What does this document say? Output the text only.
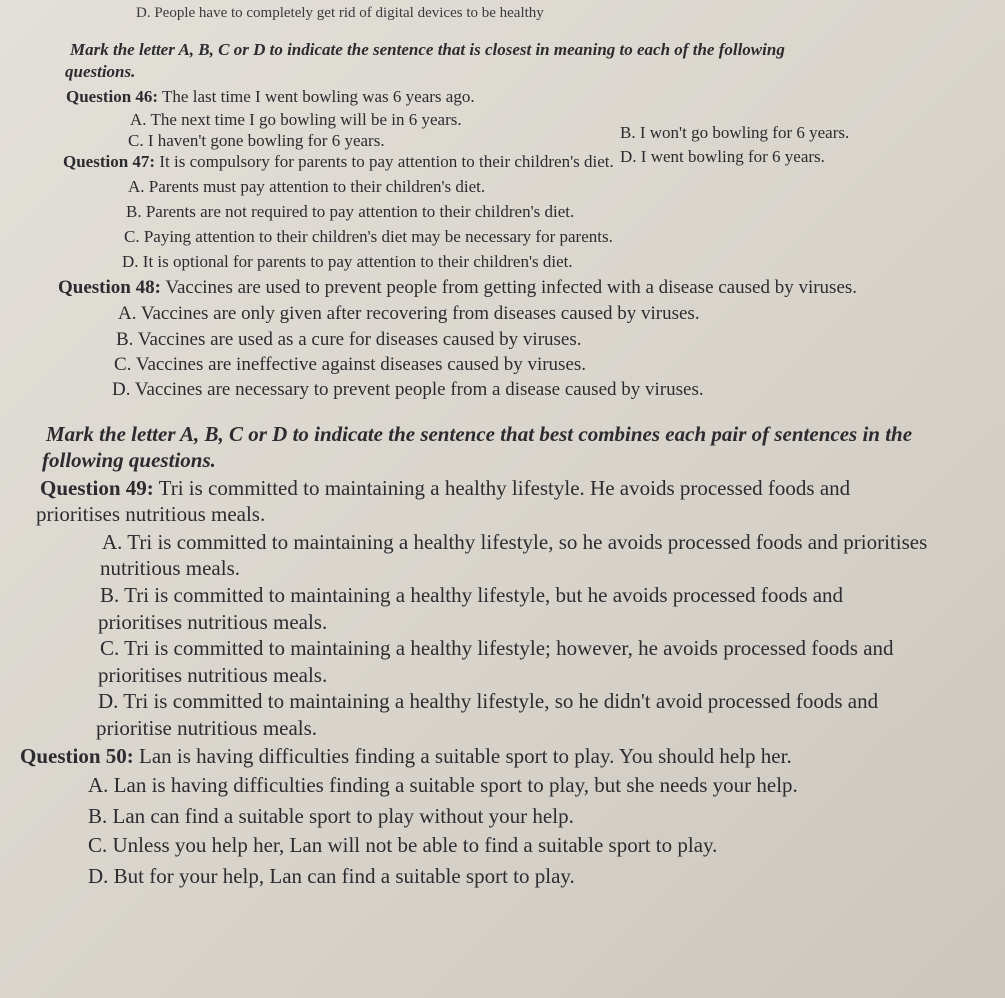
D. People have to completely get rid of digital devices to be healthy
Mark the letter A, B, C or D to indicate the sentence that is closest in meaning to each of the following
questions.
Question 46: The last time I went bowling was 6 years ago.
A. The next time I go bowling will be in 6 years.
B. I won't go bowling for 6 years.
C. I haven't gone bowling for 6 years.
D. I went bowling for 6 years.
Question 47: It is compulsory for parents to pay attention to their children's diet.
A. Parents must pay attention to their children's diet.
B. Parents are not required to pay attention to their children's diet.
C. Paying attention to their children's diet may be necessary for parents.
D. It is optional for parents to pay attention to their children's diet.
Question 48: Vaccines are used to prevent people from getting infected with a disease caused by viruses.
A. Vaccines are only given after recovering from diseases caused by viruses.
B. Vaccines are used as a cure for diseases caused by viruses.
C. Vaccines are ineffective against diseases caused by viruses.
D. Vaccines are necessary to prevent people from a disease caused by viruses.
Mark the letter A, B, C or D to indicate the sentence that best combines each pair of sentences in the
following questions.
Question 49: Tri is committed to maintaining a healthy lifestyle. He avoids processed foods and
prioritises nutritious meals.
A. Tri is committed to maintaining a healthy lifestyle, so he avoids processed foods and prioritises
nutritious meals.
B. Tri is committed to maintaining a healthy lifestyle, but he avoids processed foods and
prioritises nutritious meals.
C. Tri is committed to maintaining a healthy lifestyle; however, he avoids processed foods and
prioritises nutritious meals.
D. Tri is committed to maintaining a healthy lifestyle, so he didn't avoid processed foods and
prioritise nutritious meals.
Question 50: Lan is having difficulties finding a suitable sport to play. You should help her.
A. Lan is having difficulties finding a suitable sport to play, but she needs your help.
B. Lan can find a suitable sport to play without your help.
C. Unless you help her, Lan will not be able to find a suitable sport to play.
D. But for your help, Lan can find a suitable sport to play.
